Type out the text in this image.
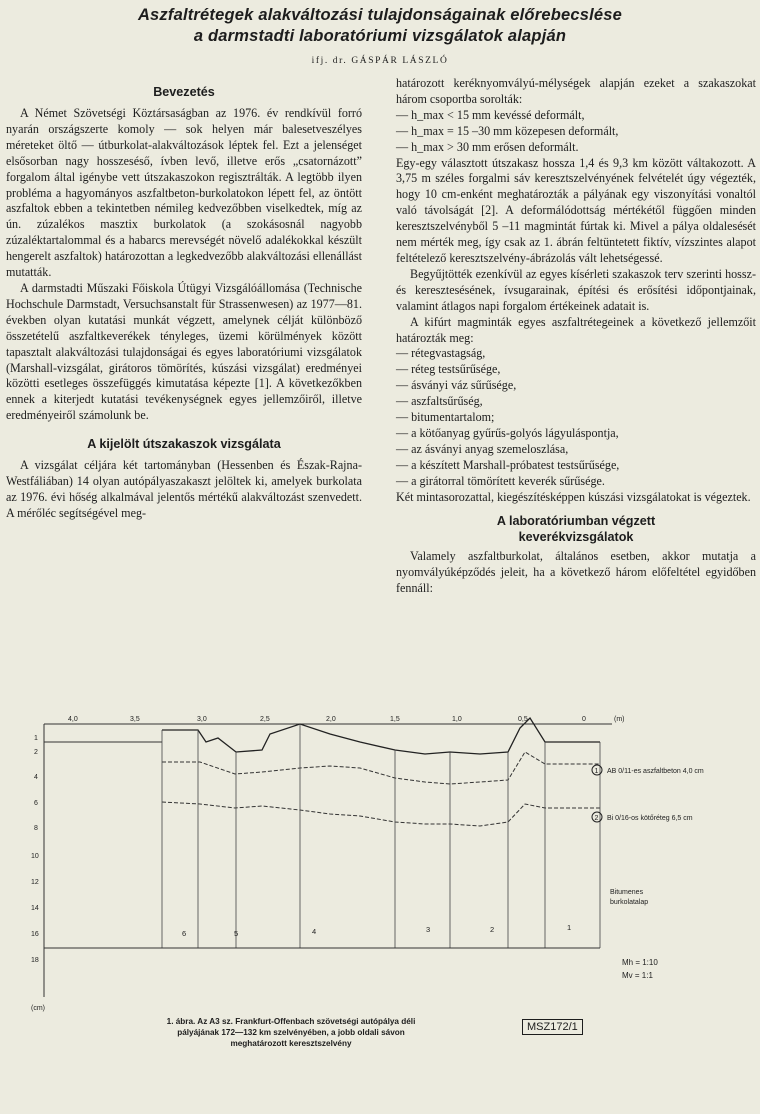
Aszfaltrétegek alakváltozási tulajdonságainak előrebecslése
a darmstadti laboratóriumi vizsgálatok alapján
ifj. dr. GÁSPÁR LÁSZLÓ
Bevezetés

A Német Szövetségi Köztársaságban az 1976. év rendkívül forró nyarán országszerte komoly — sok helyen már balesetveszélyes méreteket öltő — útburkolat-alakváltozások léptek fel. Ezt a jelenséget elsősorban nagy hosszeséső, ívben levő, illetve erős „csatornázott” forgalom által igénybe vett útszakaszokon regisztrálták. A legtöbb ilyen probléma a hagyományos aszfaltbeton-burkolatokon lépett fel, az öntött aszfaltok ebben a tekintetben némileg kedvezőbben viselkedtek, míg az ún. zúzalékos masztix burkolatok (a szokásosnál nagyobb zúzaléktartalommal és a habarcs merevségét növelő adalékokkal készült hengerelt aszfaltok) határozottan a legkedvezőbb alakváltozási ellenállást mutatták.

A darmstadti Műszaki Főiskola Útügyi Vizsgálóállomása (Technische Hochschule Darmstadt, Versuchsanstalt für Strassenwesen) az 1977—81. években olyan kutatási munkát végzett, amelynek célját különböző összetételű aszfaltkeverékek tényleges, üzemi körülmények között tapasztalt alakváltozási tulajdonságai és egyes laboratóriumi vizsgálatok (Marshall-vizsgálat, girátoros tömörítés, kúszási vizsgálat) eredményei közötti esetleges összefüggés kimutatása képezte [1]. A következőkben ennek a kiterjedt kutatási tevékenységnek egyes jellemzőiről, illetve eredményeiről számolunk be.

A kijelölt útszakaszok vizsgálata

A vizsgálat céljára két tartományban (Hessenben és Észak-Rajna-Westfáliában) 14 olyan autópályaszakaszt jelöltek ki, amelyek burkolata az 1976. évi hőség alkalmával jelentős mértékű alakváltozást szenvedett. A mérőléc segítségével meg-

határozott keréknyomvályú-mélységek alapján ezeket a szakaszokat három csoportba sorolták:

— h_max < 15 mm kevéssé deformált,

— h_max = 15 –30 mm közepesen deformált,

— h_max > 30 mm erősen deformált.

Egy-egy választott útszakasz hossza 1,4 és 9,3 km között váltakozott. A 3,75 m széles forgalmi sáv keresztszelvényének felvételét úgy végezték, hogy 10 cm-enként meghatározták a pályának egy viszonyítási vonaltól való távolságát [2]. A deformálódottság mértékétől függően minden keresztszelvényből 5 –11 magmintát fúrtak ki. Mivel a pálya oldalesését nem mérték meg, így csak az 1. ábrán feltüntetett fiktív, vízszintes alapot feltételező keresztszelvény-ábrázolás vált lehetségessé.

Begyűjtötték ezenkívül az egyes kísérleti szakaszok terv szerinti hossz- és keresztesésének, ívsugarainak, építési és erősítési időpontjainak, valamint átlagos napi forgalom értékeinek adatait is.

A kifúrt magminták egyes aszfaltrétegeinek a következő jellemzőit határozták meg:

— rétegvastagság,

— réteg testsűrűsége,

— ásványi váz sűrűsége,

— aszfaltsűrűség,

— bitumentartalom;

— a kötőanyag gyűrűs-golyós lágyuláspontja,

— az ásványi anyag szemeloszlása,

— a készített Marshall-próbatest testsűrűsége,

— a girátorral tömörített keverék sűrűsége.

Két mintasorozattal, kiegészítésképpen kúszási vizsgálatokat is végeztek.

A laboratóriumban végzett
keverékvizsgálatok

Valamely aszfaltburkolat, általános esetben, akkor mutatja a nyomvályúképződés jeleit, ha a következő három előfeltétel egyidőben fennáll:

4,0	3,5	3,0	2,5	2,0	1,5	1,0	0,5	0	(m)
1
2
4
6
8
10
12
14
16
18
(cm)
6	5	4	3	2	1
1 AB 0/11-es aszfaltbeton 4,0 cm
2 Bi 0/16-os kötőréteg 6,5 cm
Bitumenes
burkolatalap
Mh = 1:10
Mv = 1:1
1. ábra. Az A3 sz. Frankfurt-Offenbach szövetségi autópálya déli
pályájának 172—132 km szelvényében, a jobb oldali sávon
meghatározott keresztszelvény
MSZ172/1
